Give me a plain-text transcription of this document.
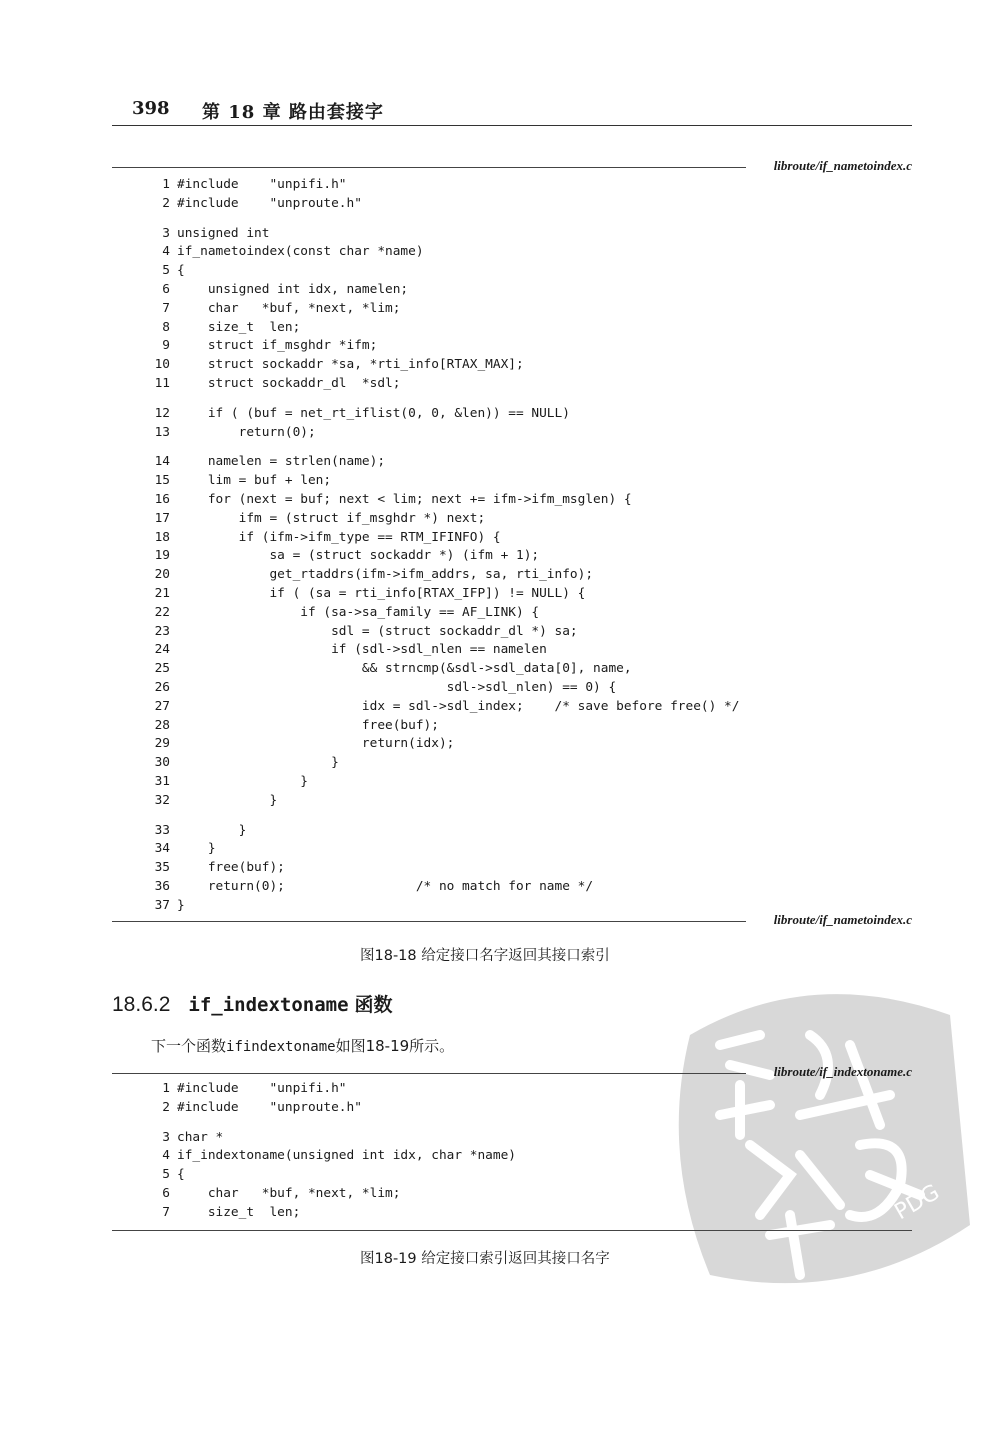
398 第 18 章 路由套接字
libroute/if_nametoindex.c
1 #include    "unpifi.h"
2 #include    "unproute.h"
3 unsigned int
4 if_nametoindex(const char *name)
5 {
6    unsigned int idx, namelen;
7    char   *buf, *next, *lim;
8    size_t  len;
9    struct if_msghdr *ifm;
10    struct sockaddr *sa, *rti_info[RTAX_MAX];
11    struct sockaddr_dl  *sdl;
12    if ( (buf = net_rt_iflist(0, 0, &len)) == NULL)
13        return(0);
14    namelen = strlen(name);
15    lim = buf + len;
16    for (next = buf; next < lim; next += ifm->ifm_msglen) {
17        ifm = (struct if_msghdr *) next;
18        if (ifm->ifm_type == RTM_IFINFO) {
19            sa = (struct sockaddr *) (ifm + 1);
20            get_rtaddrs(ifm->ifm_addrs, sa, rti_info);
21            if ( (sa = rti_info[RTAX_IFP]) != NULL) {
22                if (sa->sa_family == AF_LINK) {
23                    sdl = (struct sockaddr_dl *) sa;
24                    if (sdl->sdl_nlen == namelen
25                        && strncmp(&sdl->sdl_data[0], name,
26                                   sdl->sdl_nlen) == 0) {
27                        idx = sdl->sdl_index;    /* save before free() */
28                        free(buf);
29                        return(idx);
30                    }
31                }
32            }
33        }
34    }
35    free(buf);
36    return(0);                 /* no match for name */
37 }
libroute/if_nametoindex.c
图18-18 给定接口名字返回其接口索引
PDG
18.6.2 if_indextoname 函数
下一个函数ifindextoname如图18-19所示。
libroute/if_indextoname.c
1 #include    "unpifi.h"
2 #include    "unproute.h"
3 char *
4 if_indextoname(unsigned int idx, char *name)
5 {
6    char   *buf, *next, *lim;
7    size_t  len;
图18-19 给定接口索引返回其接口名字
